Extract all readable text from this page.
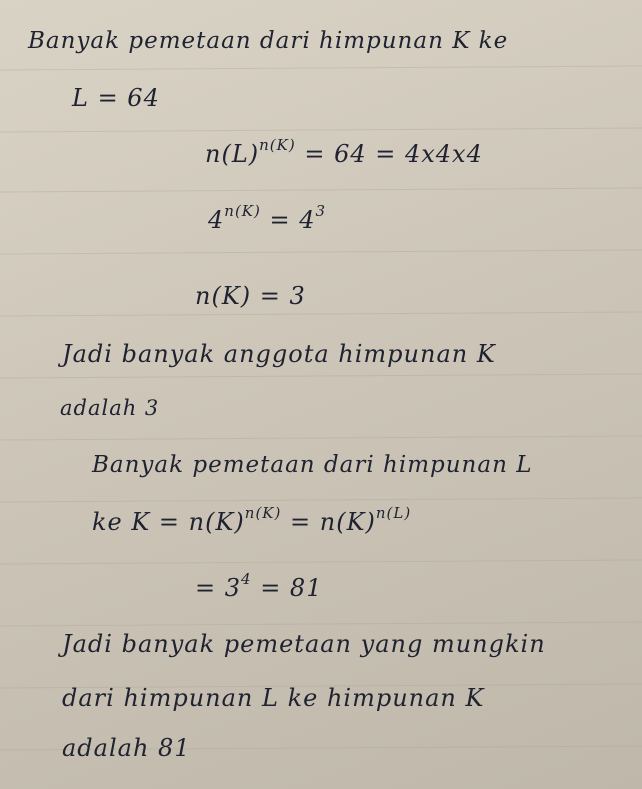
Banyak pemetaan dari himpunan K ke
L = 64
$n(L)^{n(K)} = 64 = 4x4x4$
$4^{n(K)} = 4^3$
n(K) = 3
Jadi banyak anggota himpunan K
adalah 3
Banyak pemetaan dari himpunan L
ke $K = n(K)^{n(K)} = n(K)^{n(L)}$
= $3^4 = 81$
Jadi banyak pemetaan yang mungkin
dari himpunan L ke himpunan K
adalah 81
